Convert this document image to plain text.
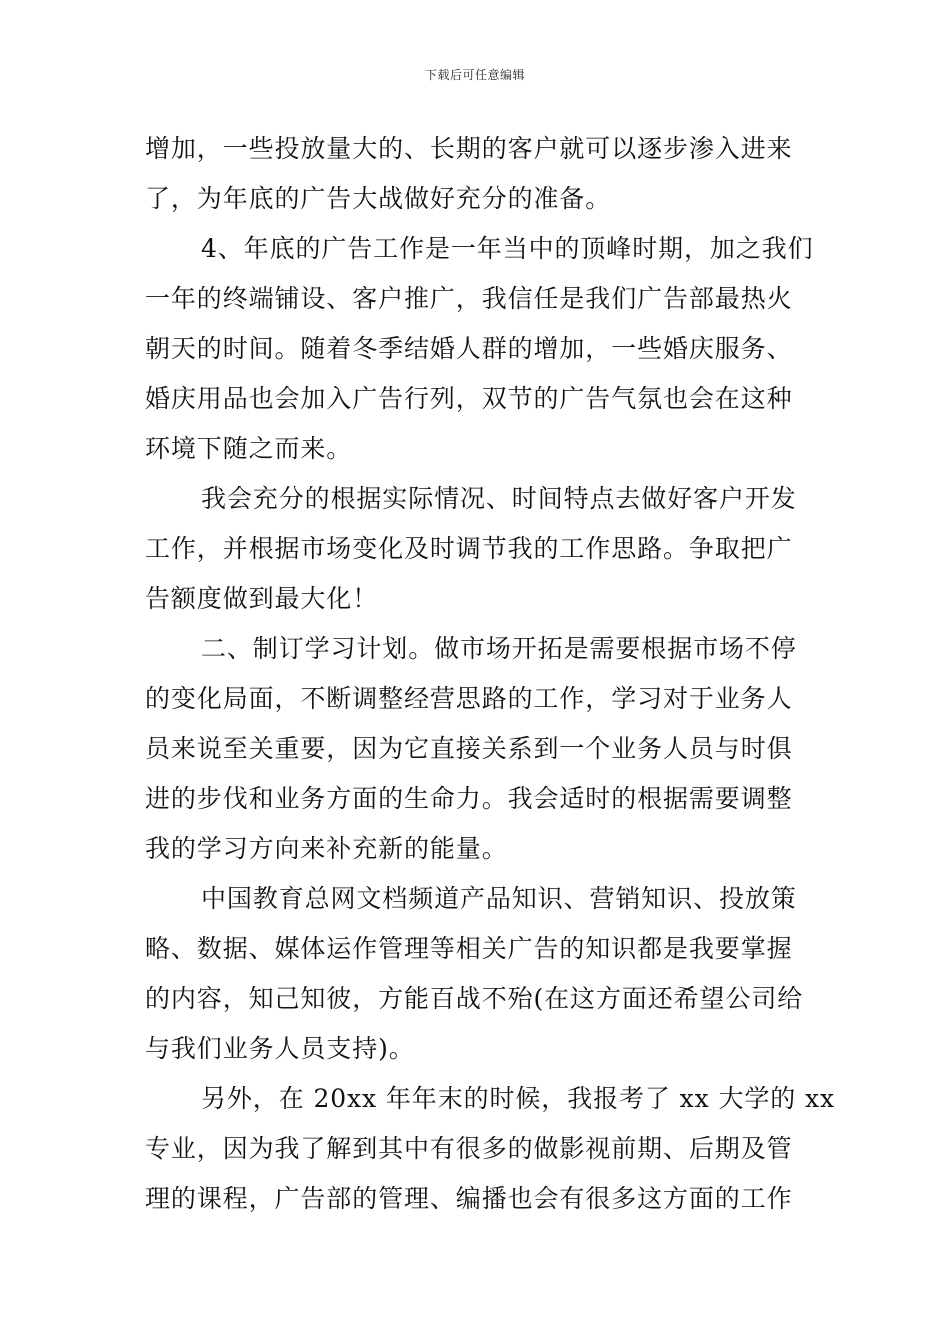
下载后可任意编辑
增加，一些投放量大的、长期的客户就可以逐步渗入进来
了，为年底的广告大战做好充分的准备。
4、年底的广告工作是一年当中的顶峰时期，加之我们
一年的终端铺设、客户推广，我信任是我们广告部最热火
朝天的时间。随着冬季结婚人群的增加，一些婚庆服务、
婚庆用品也会加入广告行列，双节的广告气氛也会在这种
环境下随之而来。
我会充分的根据实际情况、时间特点去做好客户开发
工作，并根据市场变化及时调节我的工作思路。争取把广
告额度做到最大化！
二、制订学习计划。做市场开拓是需要根据市场不停
的变化局面，不断调整经营思路的工作，学习对于业务人
员来说至关重要，因为它直接关系到一个业务人员与时俱
进的步伐和业务方面的生命力。我会适时的根据需要调整
我的学习方向来补充新的能量。
中国教育总网文档频道产品知识、营销知识、投放策
略、数据、媒体运作管理等相关广告的知识都是我要掌握
的内容，知己知彼，方能百战不殆(在这方面还希望公司给
与我们业务人员支持)。
另外，在 20xx 年年末的时候，我报考了 xx 大学的 xx
专业，因为我了解到其中有很多的做影视前期、后期及管
理的课程，广告部的管理、编播也会有很多这方面的工作
